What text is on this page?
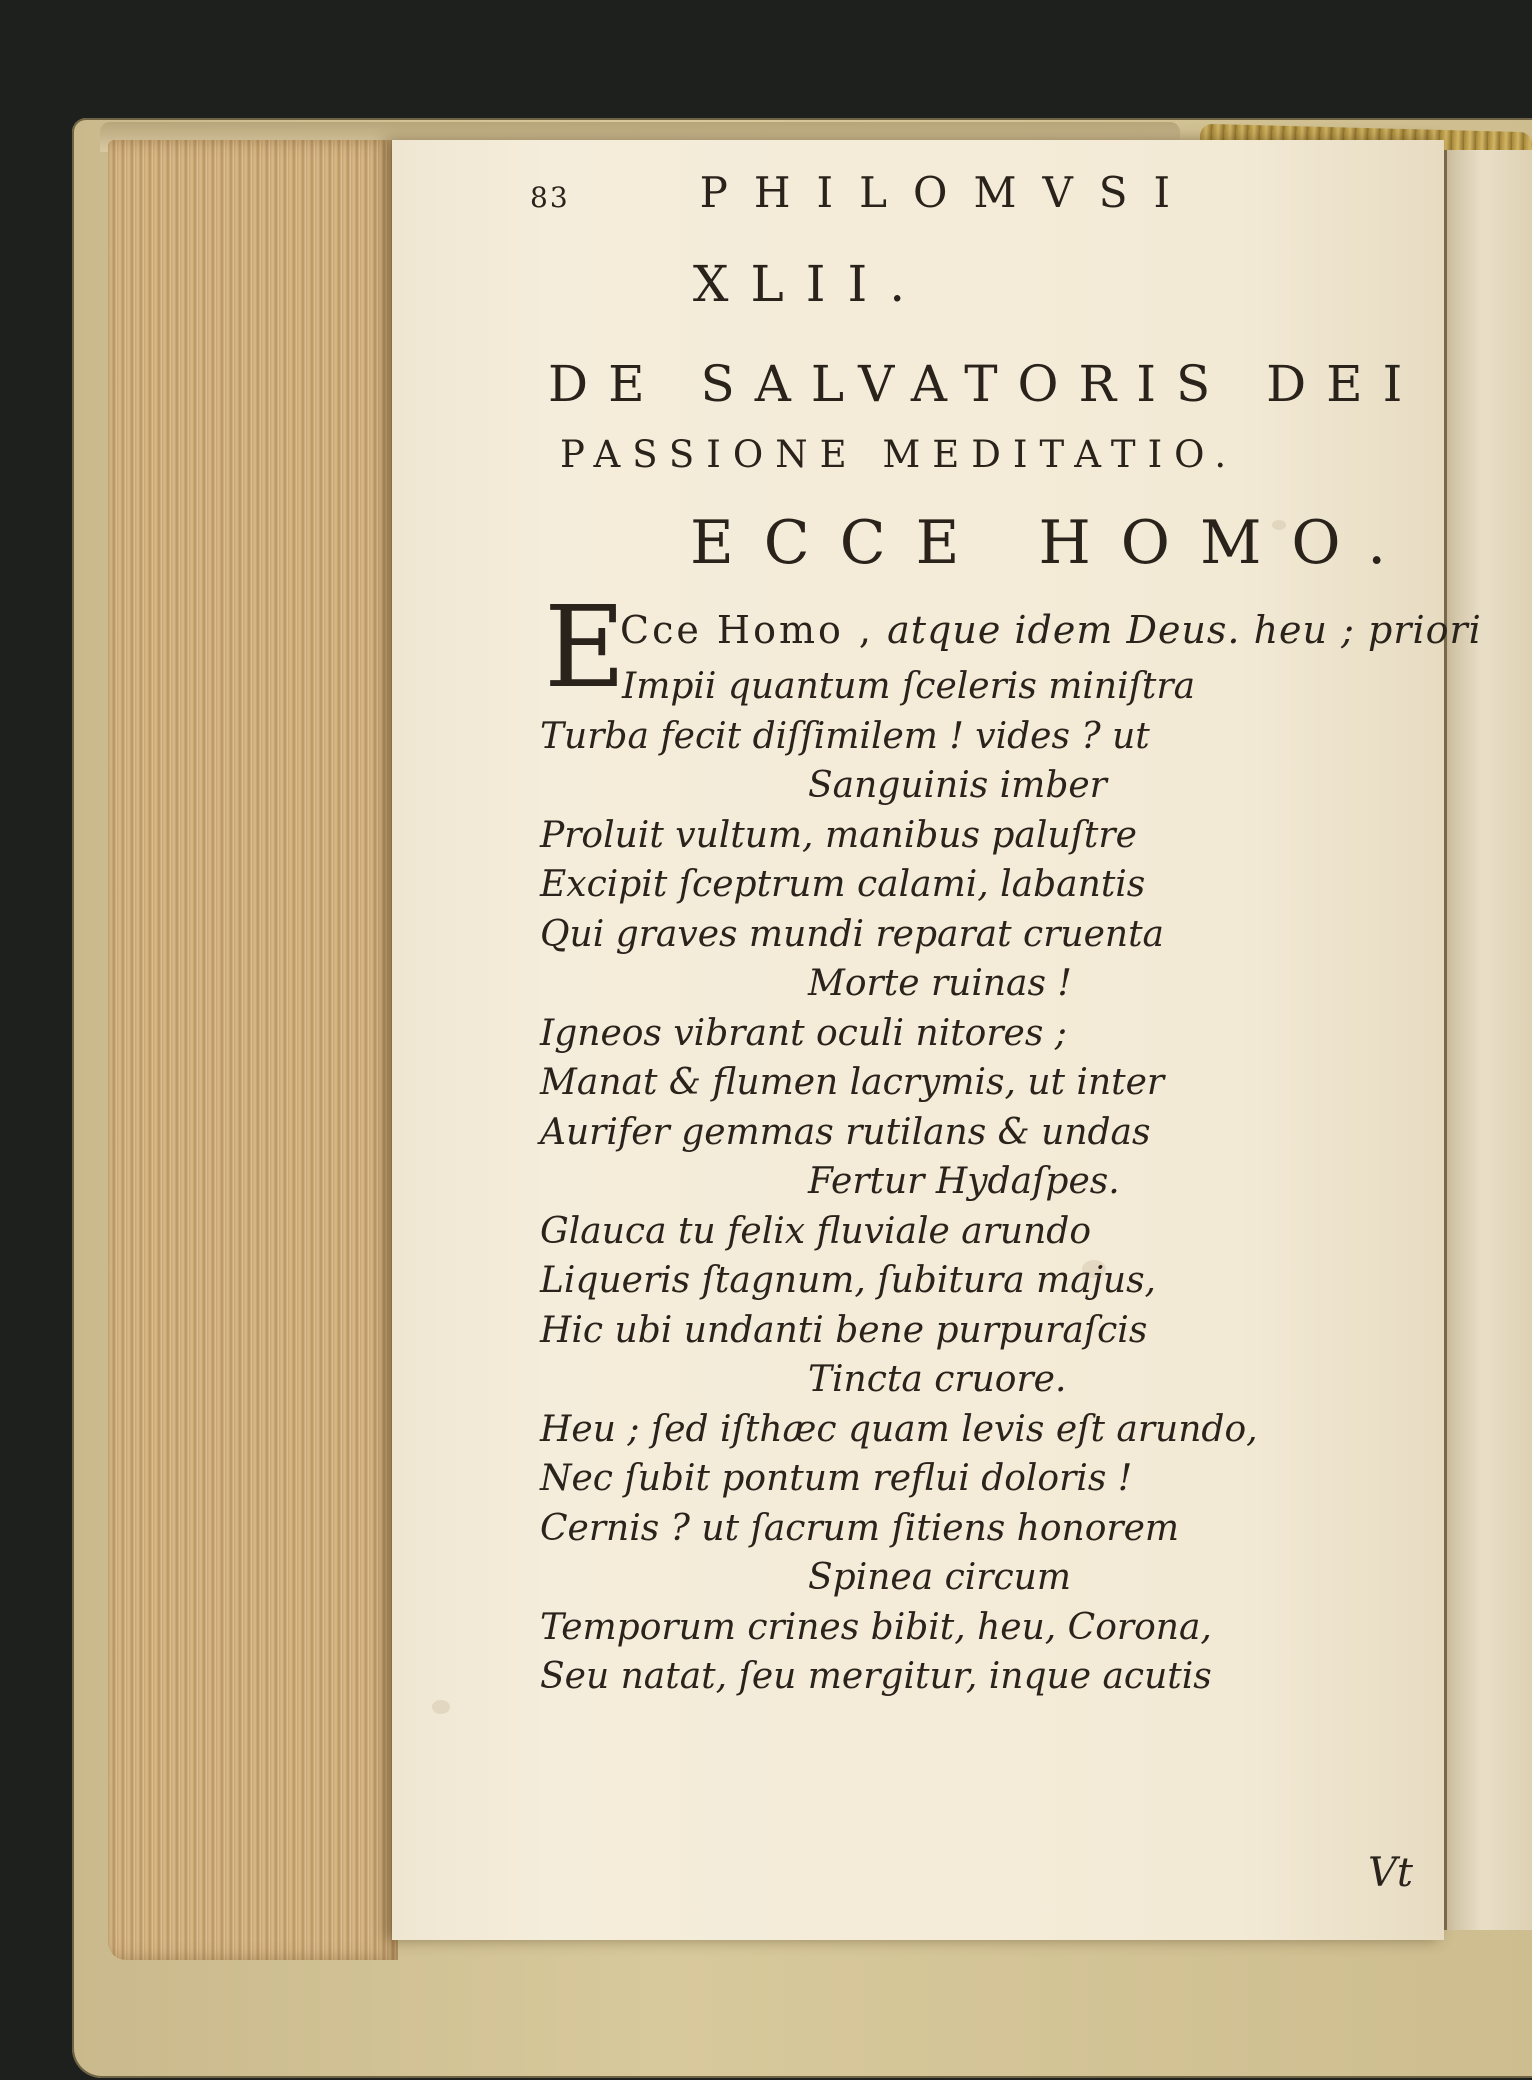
83	PHILOMVSI
XLII.
DE SALVATORIS DEI
PASSIONE MEDITATIO.
ECCE HOMO.
E
Cce Homo , atque idem Deus. heu ; priori
Impii quantum ſceleris miniſtra
Turba fecit diſſimilem ! vides ? ut
Sanguinis imber
Proluit vultum, manibus paluſtre
Excipit ſceptrum calami, labantis
Qui graves mundi reparat cruenta
Morte ruinas !
Igneos vibrant oculi nitores ;
Manat & flumen lacrymis, ut inter
Aurifer gemmas rutilans & undas
Fertur Hydaſpes.
Glauca tu felix fluviale arundo
Liqueris ſtagnum, ſubitura majus,
Hic ubi undanti bene purpuraſcis
Tincta cruore.
Heu ; ſed iſthæc quam levis eſt arundo,
Nec ſubit pontum reflui doloris !
Cernis ? ut ſacrum ſitiens honorem
Spinea circum
Temporum crines bibit, heu, Corona,
Seu natat, ſeu mergitur, inque acutis
Vt
